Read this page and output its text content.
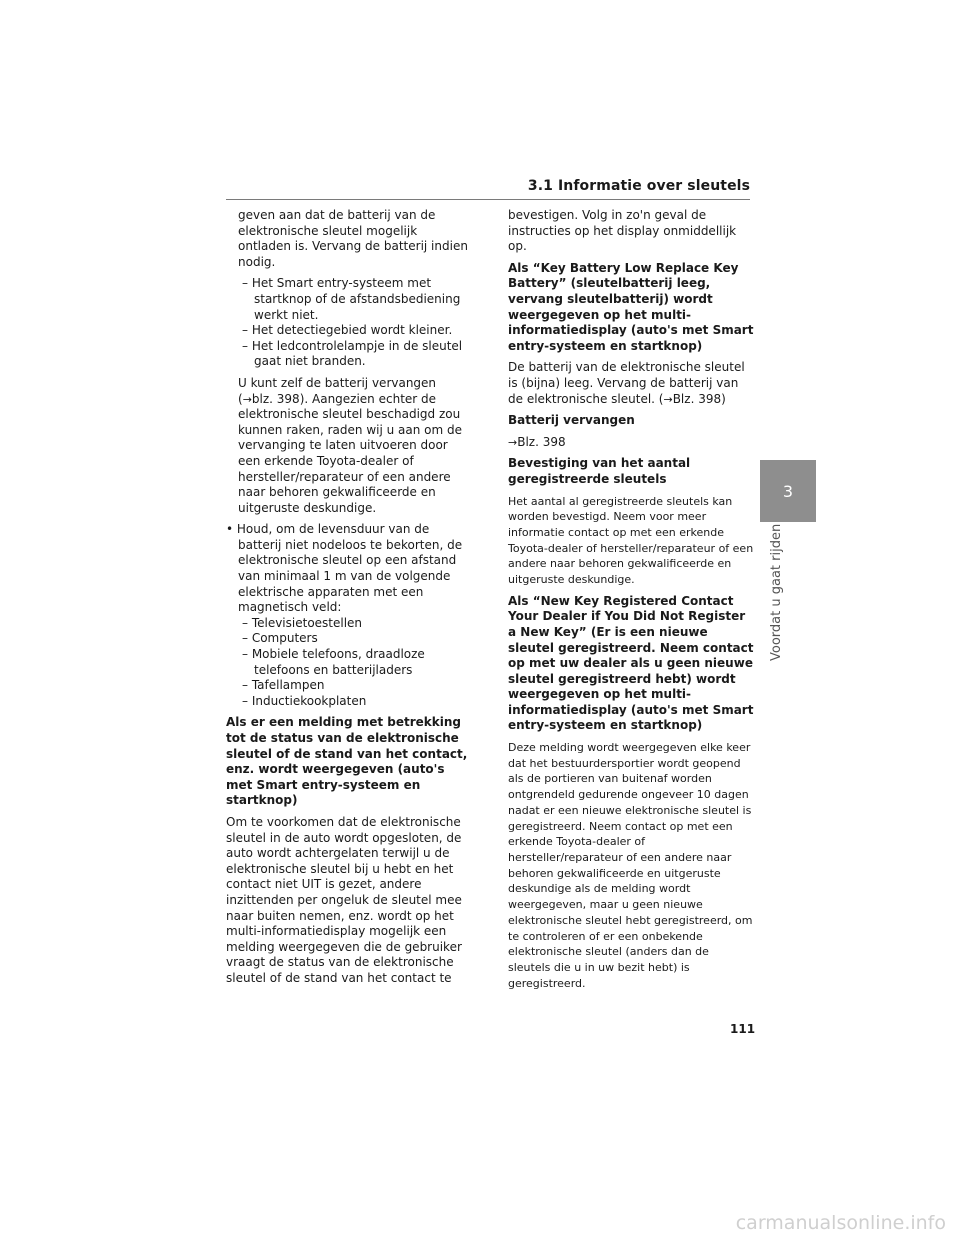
3.1 Informatie over sleutels

geven aan dat de batterij van de elektronische sleutel mogelijk ontladen is. Vervang de batterij indien nodig.

– Het Smart entry-systeem met startknop of de afstandsbediening werkt niet.

– Het detectiegebied wordt kleiner.

– Het ledcontrolelampje in de sleutel gaat niet branden.

U kunt zelf de batterij vervangen (→blz. 398). Aangezien echter de elektronische sleutel beschadigd zou kunnen raken, raden wij u aan om de vervanging te laten uitvoeren door een erkende Toyota-dealer of hersteller/reparateur of een andere naar behoren gekwalificeerde en uitgeruste deskundige.

• Houd, om de levensduur van de batterij niet nodeloos te bekorten, de elektronische sleutel op een afstand van minimaal 1 m van de volgende elektrische apparaten met een magnetisch veld:

– Televisietoestellen

– Computers

– Mobiele telefoons, draadloze telefoons en batterijladers

– Tafellampen

– Inductiekookplaten

Als er een melding met betrekking tot de status van de elektronische sleutel of de stand van het contact, enz. wordt weergegeven (auto's met Smart entry-systeem en startknop)

Om te voorkomen dat de elektronische sleutel in de auto wordt opgesloten, de auto wordt achtergelaten terwijl u de elektronische sleutel bij u hebt en het contact niet UIT is gezet, andere inzittenden per ongeluk de sleutel mee naar buiten nemen, enz. wordt op het multi-informatiedisplay mogelijk een melding weergegeven die de gebruiker vraagt de status van de elektronische sleutel of de stand van het contact te

bevestigen. Volg in zo'n geval de instructies op het display onmiddellijk op.

Als “Key Battery Low Replace Key Battery” (sleutelbatterij leeg, vervang sleutelbatterij) wordt weergegeven op het multi-informatiedisplay (auto's met Smart entry-systeem en startknop)

De batterij van de elektronische sleutel is (bijna) leeg. Vervang de batterij van de elektronische sleutel. (→Blz. 398)

Batterij vervangen

→Blz. 398

Bevestiging van het aantal geregistreerde sleutels

Het aantal al geregistreerde sleutels kan worden bevestigd. Neem voor meer informatie contact op met een erkende Toyota-dealer of hersteller/reparateur of een andere naar behoren gekwalificeerde en uitgeruste deskundige.

Als “New Key Registered Contact Your Dealer if You Did Not Register a New Key” (Er is een nieuwe sleutel geregistreerd. Neem contact op met uw dealer als u geen nieuwe sleutel geregistreerd hebt) wordt weergegeven op het multi-informatiedisplay (auto's met Smart entry-systeem en startknop)

Deze melding wordt weergegeven elke keer dat het bestuurdersportier wordt geopend als de portieren van buitenaf worden ontgrendeld gedurende ongeveer 10 dagen nadat er een nieuwe elektronische sleutel is geregistreerd. Neem contact op met een erkende Toyota-dealer of hersteller/reparateur of een andere naar behoren gekwalificeerde en uitgeruste deskundige als de melding wordt weergegeven, maar u geen nieuwe elektronische sleutel hebt geregistreerd, om te controleren of er een onbekende elektronische sleutel (anders dan de sleutels die u in uw bezit hebt) is geregistreerd.

3
Voordat u gaat rijden
111
carmanualsonline.info
